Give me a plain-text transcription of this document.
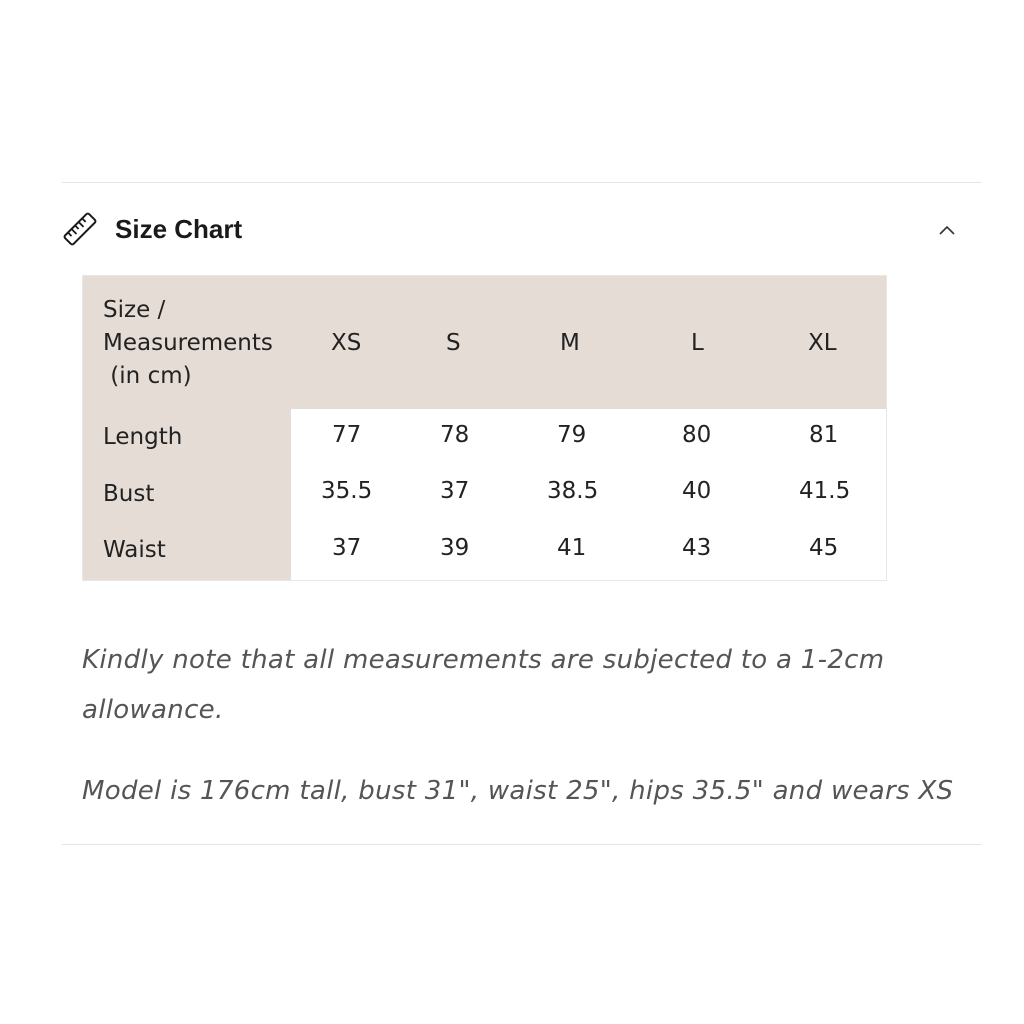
Size Chart
Size /
Measurements
(in cm)
XS	S	M	L	XL
Length	77	78	79	80	81
Bust	35.5	37	38.5	40	41.5
Waist	37	39	41	43	45
Kindly note that all measurements are subjected to a 1-2cm allowance.
Model is 176cm tall, bust 31", waist 25", hips 35.5" and wears XS
